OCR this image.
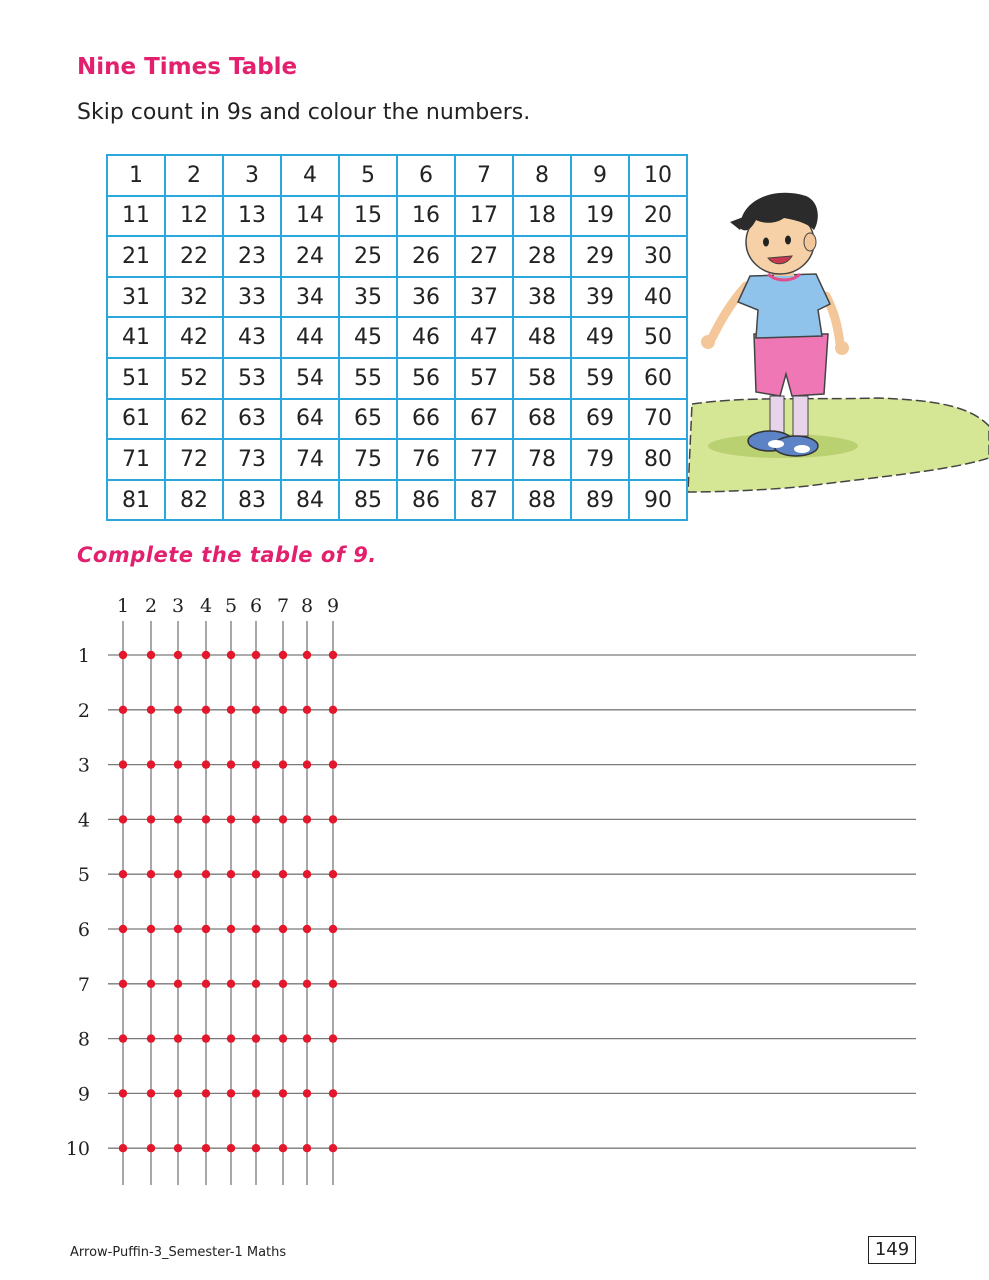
Nine Times Table

Skip count in 9s and colour the numbers.

1	2	3	4	5	6	7	8	9	10
11	12	13	14	15	16	17	18	19	20
21	22	23	24	25	26	27	28	29	30
31	32	33	34	35	36	37	38	39	40
41	42	43	44	45	46	47	48	49	50
51	52	53	54	55	56	57	58	59	60
61	62	63	64	65	66	67	68	69	70
71	72	73	74	75	76	77	78	79	80
81	82	83	84	85	86	87	88	89	90
Complete the table of 9.
1 2 3 4 5 6 7 8 9
1
2
3
4
5
6
7
8
9
10
Arrow-Puffin-3_Semester-1 Maths	149
